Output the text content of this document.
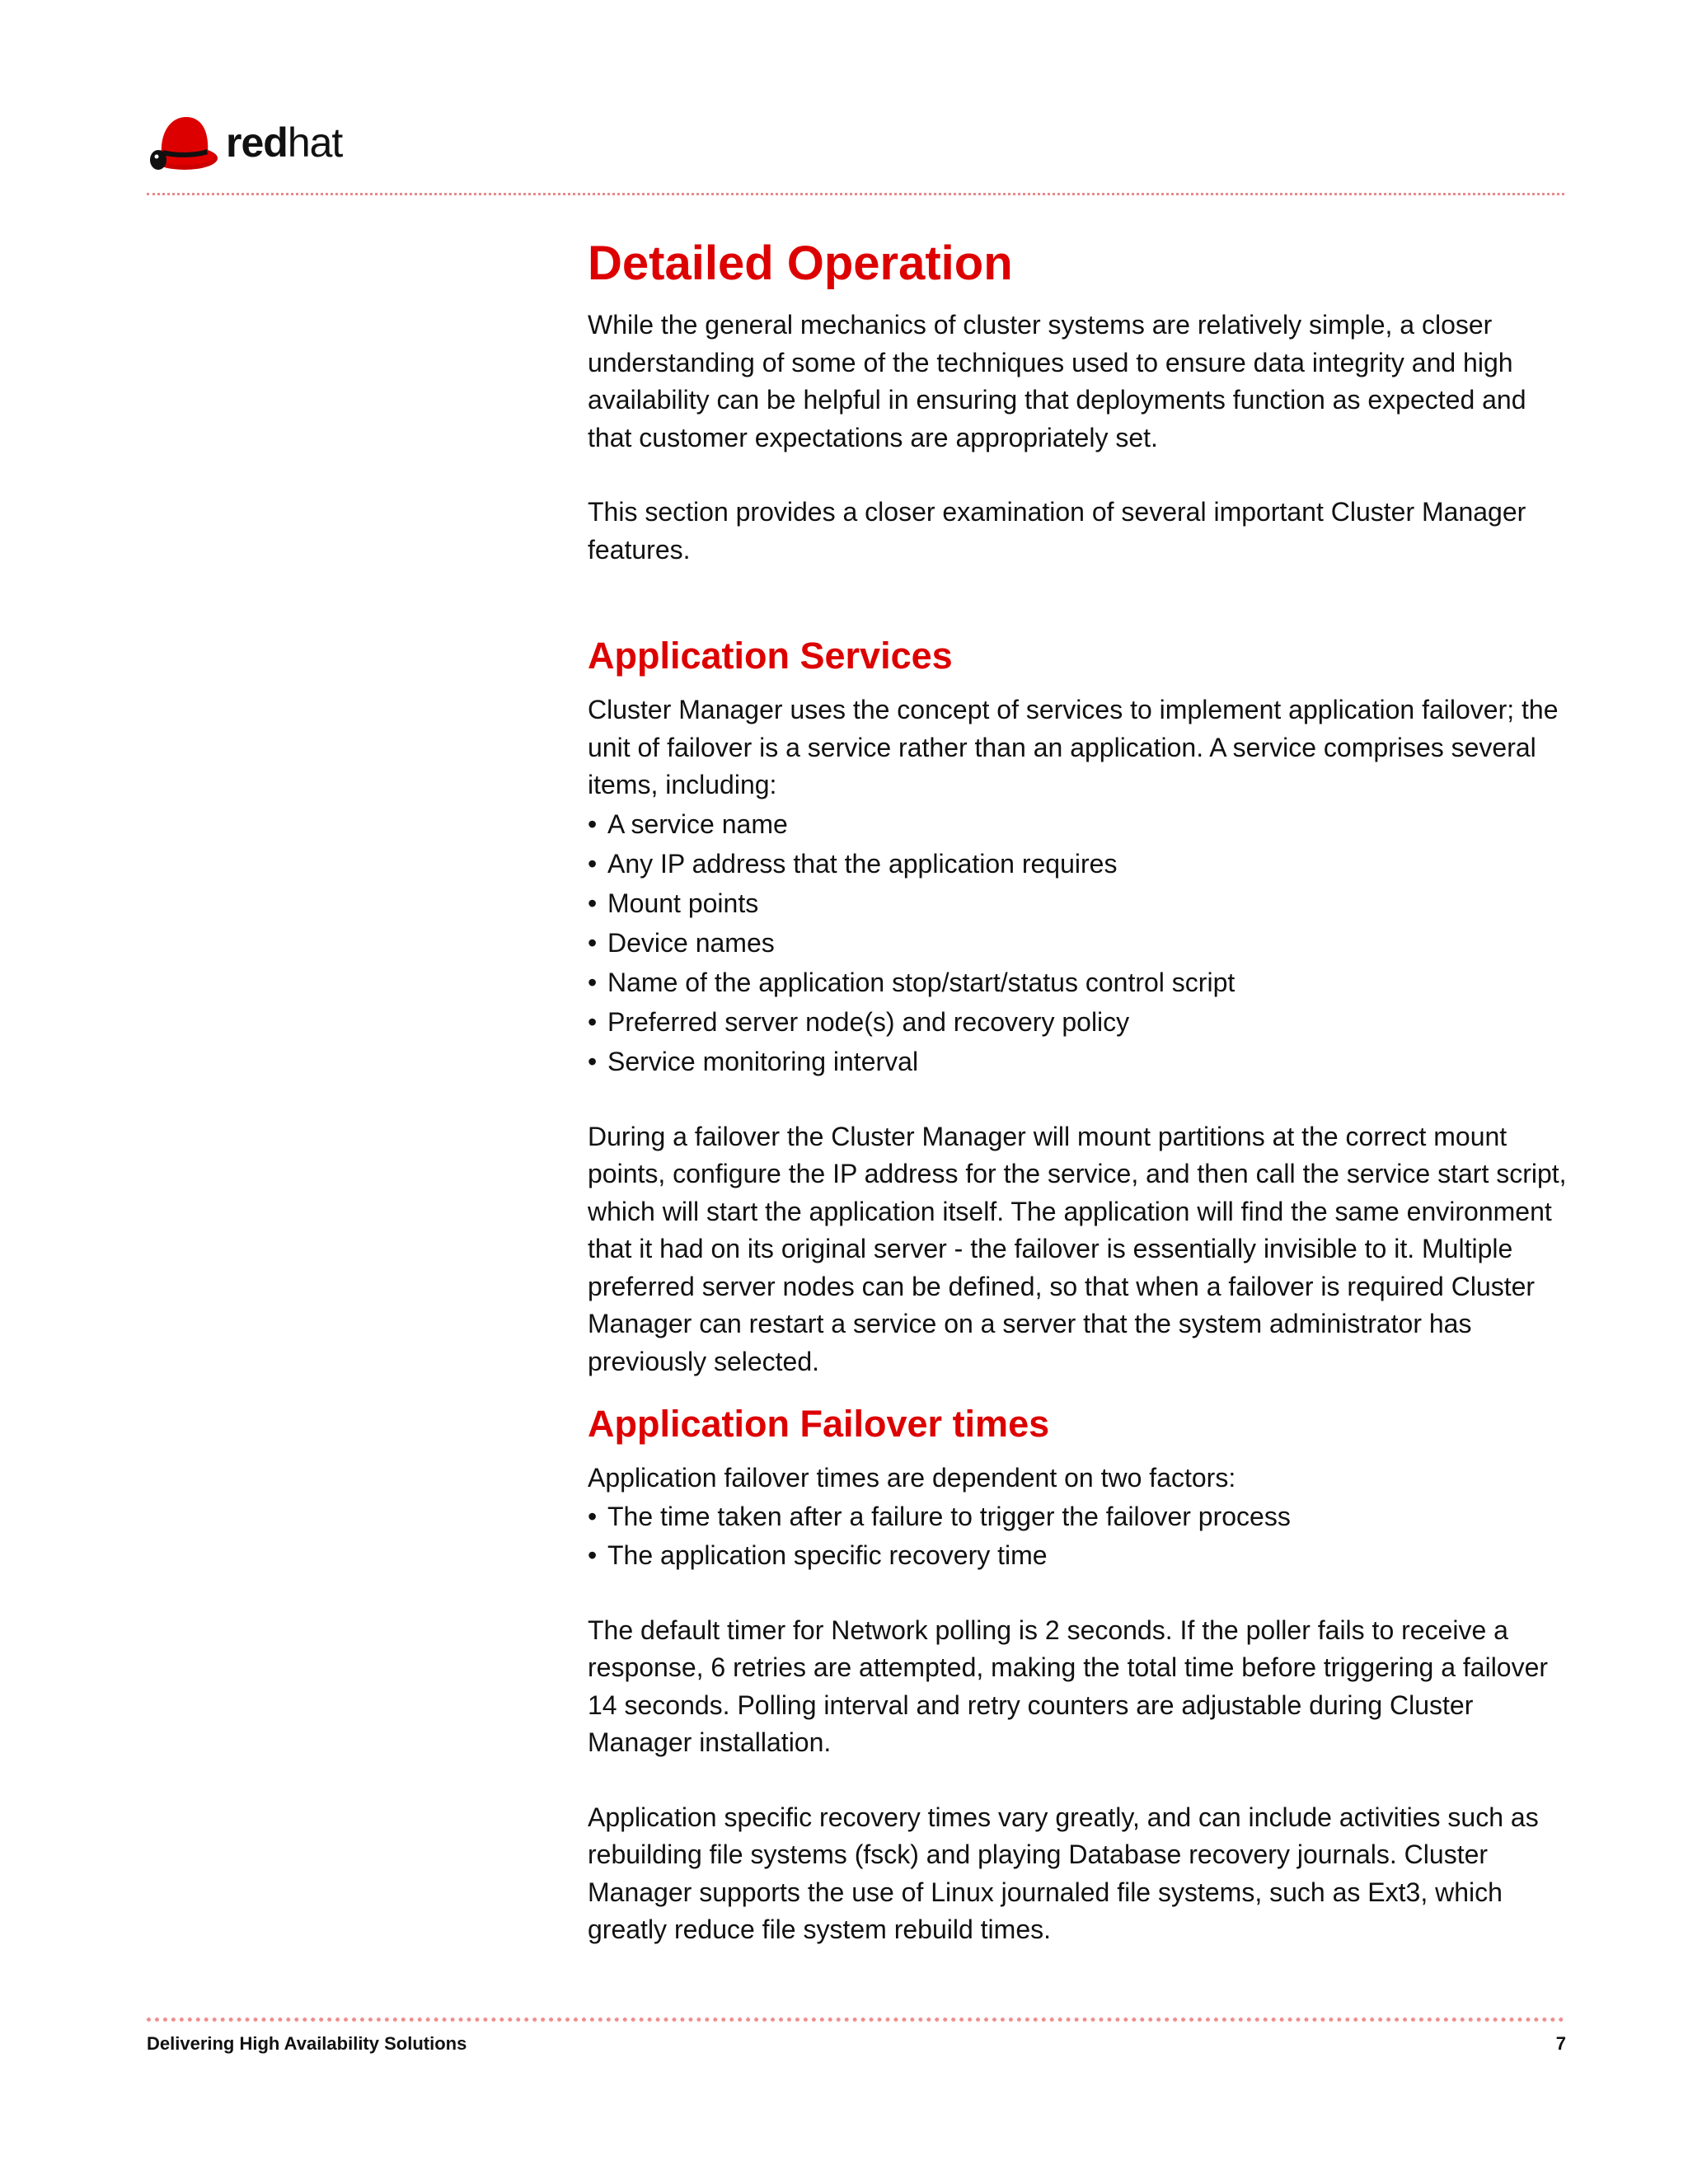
redhat
Detailed Operation

While the general mechanics of cluster systems are relatively simple, a closer understanding of some of the techniques used to ensure data integrity and high availability can be helpful in ensuring that deployments function as expected and that customer expectations are appropriately set.

This section provides a closer examination of several important Cluster Manager features.

Application Services

Cluster Manager uses the concept of services to implement application failover; the unit of failover is a service rather than an application. A service comprises several items, including:

• A service name
• Any IP address that the application requires
• Mount points
• Device names
• Name of the application stop/start/status control script
• Preferred server node(s) and recovery policy
• Service monitoring interval

During a failover the Cluster Manager will mount partitions at the correct mount points, configure the IP address for the service, and then call the service start script, which will start the application itself. The application will find the same environment that it had on its original server - the failover is essentially invisible to it. Multiple preferred server nodes can be defined, so that when a failover is required Cluster Manager can restart a service on a server that the system administrator has previously selected.

Application Failover times

Application failover times are dependent on two factors:

• The time taken after a failure to trigger the failover process
• The application specific recovery time

The default timer for Network polling is 2 seconds. If the poller fails to receive a response, 6 retries are attempted, making the total time before triggering a failover 14 seconds. Polling interval and retry counters are adjustable during Cluster Manager installation.

Application specific recovery times vary greatly, and can include activities such as rebuilding file systems (fsck) and playing Database recovery journals. Cluster Manager supports the use of Linux journaled file systems, such as Ext3, which greatly reduce file system rebuild times.

Delivering High Availability Solutions	7
